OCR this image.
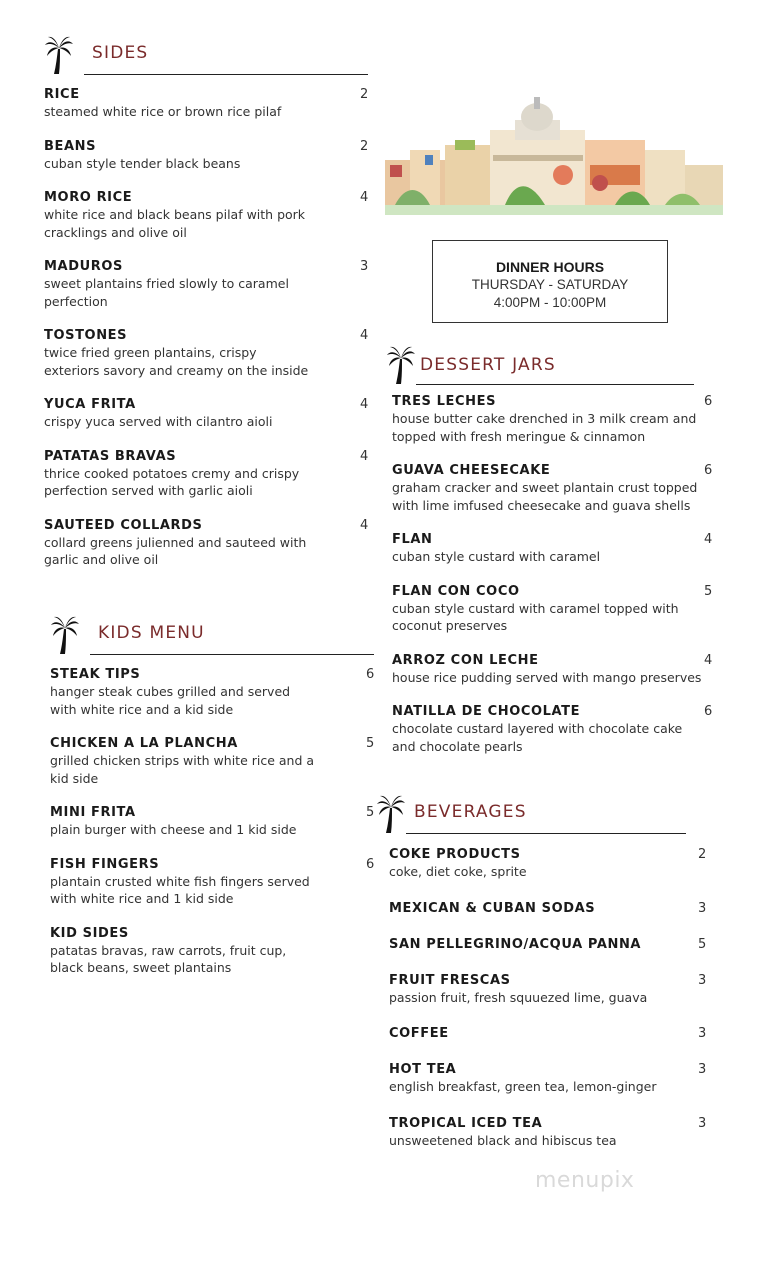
SIDES
RICE
steamed white rice or brown rice pilaf
2
BEANS
cuban style tender black beans
2
MORO RICE
white rice and black beans pilaf with pork cracklings and olive oil
4
MADUROS
sweet plantains fried slowly to caramel perfection
3
TOSTONES
twice fried green plantains, crispy exteriors savory and creamy on the inside
4
YUCA FRITA
crispy yuca served with cilantro aioli
4
PATATAS BRAVAS
thrice cooked potatoes cremy and crispy perfection served with garlic aioli
4
SAUTEED COLLARDS
collard greens julienned and sauteed with garlic and olive oil
4
KIDS MENU
STEAK TIPS
hanger steak cubes grilled and served with white rice and a kid side
6
CHICKEN A LA PLANCHA
grilled chicken strips with white rice and a kid side
5
MINI FRITA
plain burger with cheese and 1 kid side
5
FISH FINGERS
plantain crusted white fish fingers served with white rice and 1 kid side
6
KID SIDES
patatas bravas, raw carrots, fruit cup, black beans, sweet plantains
DINNER HOURS
THURSDAY - SATURDAY
4:00PM - 10:00PM
DESSERT JARS
TRES LECHES
house butter cake drenched in 3 milk cream and topped with fresh meringue & cinnamon
6
GUAVA CHEESECAKE
graham cracker and sweet plantain crust topped with lime imfused cheesecake and guava shells
6
FLAN
cuban style custard with caramel
4
FLAN CON COCO
cuban style custard with caramel topped with coconut preserves
5
ARROZ CON LECHE
house rice pudding served with mango preserves
4
NATILLA DE CHOCOLATE
chocolate custard layered with chocolate cake and chocolate pearls
6
BEVERAGES
COKE PRODUCTS
coke, diet coke, sprite
2
MEXICAN & CUBAN SODAS	3
SAN PELLEGRINO/ACQUA PANNA	5
FRUIT FRESCAS
passion fruit, fresh squuezed lime, guava
3
COFFEE	3
HOT TEA
english breakfast, green tea, lemon-ginger
3
TROPICAL ICED TEA
unsweetened black and hibiscus tea
3
menupix
